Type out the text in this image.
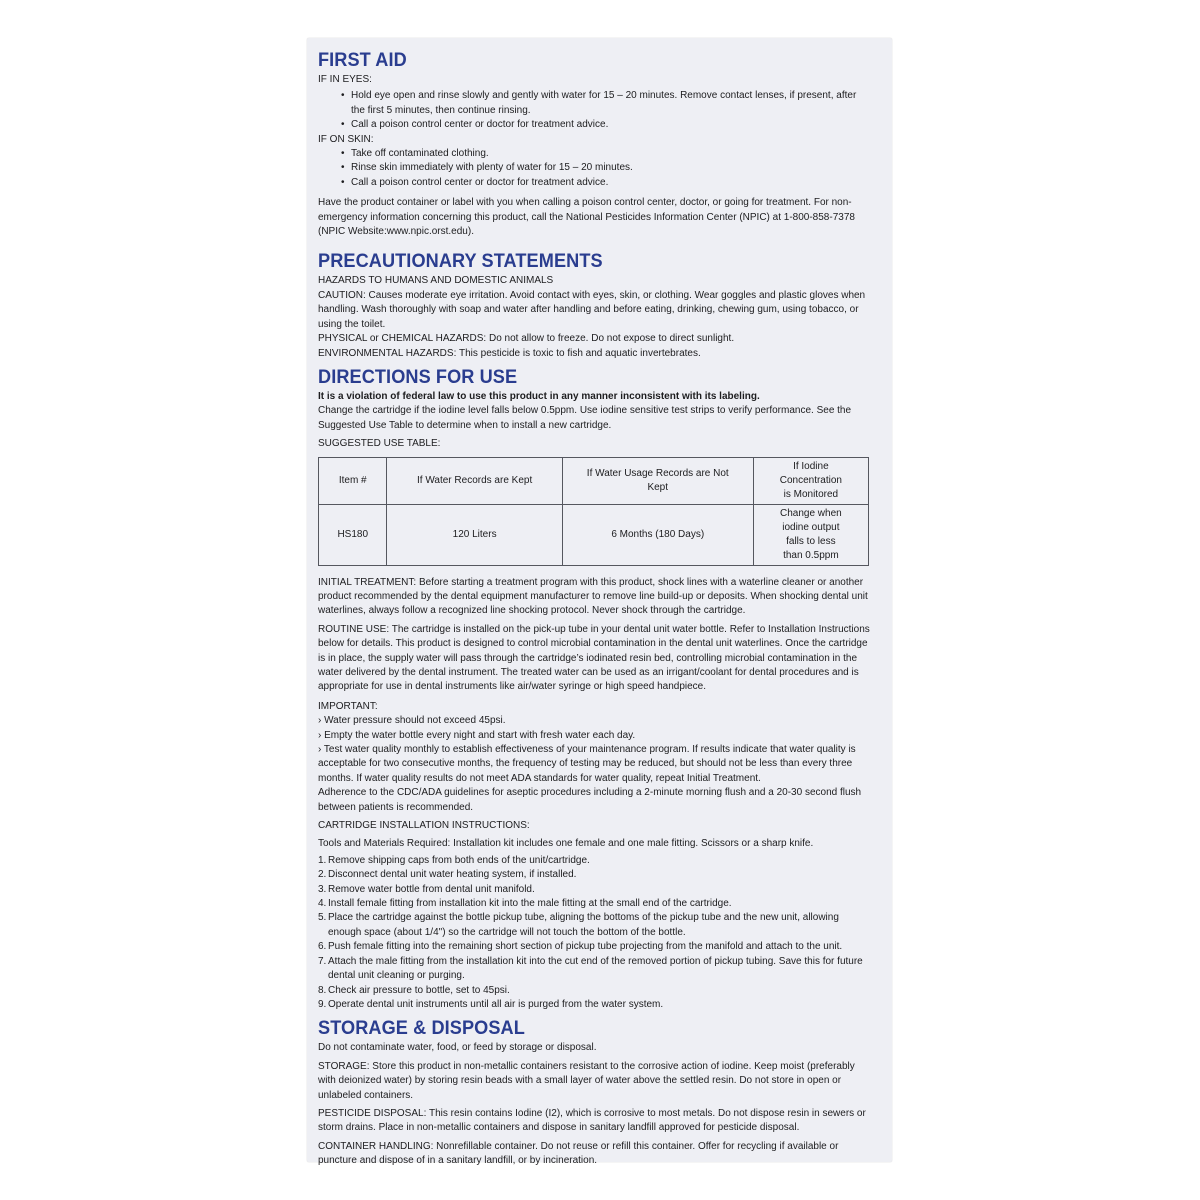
FIRST AID

IF IN EYES:

• Hold eye open and rinse slowly and gently with water for 15 – 20 minutes. Remove contact lenses, if present, after the first 5 minutes, then continue rinsing.
• Call a poison control center or doctor for treatment advice.

IF ON SKIN:

• Take off contaminated clothing.
• Rinse skin immediately with plenty of water for 15 – 20 minutes.
• Call a poison control center or doctor for treatment advice.

Have the product container or label with you when calling a poison control center, doctor, or going for treatment. For non-emergency information concerning this product, call the National Pesticides Information Center (NPIC) at 1-800-858-7378 (NPIC Website:www.npic.orst.edu).

PRECAUTIONARY STATEMENTS

HAZARDS TO HUMANS AND DOMESTIC ANIMALS

CAUTION: Causes moderate eye irritation. Avoid contact with eyes, skin, or clothing. Wear goggles and plastic gloves when handling. Wash thoroughly with soap and water after handling and before eating, drinking, chewing gum, using tobacco, or using the toilet.

PHYSICAL or CHEMICAL HAZARDS: Do not allow to freeze. Do not expose to direct sunlight.

ENVIRONMENTAL HAZARDS: This pesticide is toxic to fish and aquatic invertebrates.

DIRECTIONS FOR USE

It is a violation of federal law to use this product in any manner inconsistent with its labeling.

Change the cartridge if the iodine level falls below 0.5ppm. Use iodine sensitive test strips to verify performance. See the Suggested Use Table to determine when to install a new cartridge.

SUGGESTED USE TABLE:

Item #	If Water Records are Kept	If Water Usage Records are Not Kept	If Iodine Concentration is Monitored
HS180	120 Liters	6 Months (180 Days)	Change when iodine output falls to less than 0.5ppm

INITIAL TREATMENT: Before starting a treatment program with this product, shock lines with a waterline cleaner or another product recommended by the dental equipment manufacturer to remove line build-up or deposits. When shocking dental unit waterlines, always follow a recognized line shocking protocol. Never shock through the cartridge.

ROUTINE USE: The cartridge is installed on the pick-up tube in your dental unit water bottle. Refer to Installation Instructions below for details. This product is designed to control microbial contamination in the dental unit waterlines. Once the cartridge is in place, the supply water will pass through the cartridge’s iodinated resin bed, controlling microbial contamination in the water delivered by the dental instrument. The treated water can be used as an irrigant/coolant for dental procedures and is appropriate for use in dental instruments like air/water syringe or high speed handpiece.

IMPORTANT:

› Water pressure should not exceed 45psi.

› Empty the water bottle every night and start with fresh water each day.

› Test water quality monthly to establish effectiveness of your maintenance program. If results indicate that water quality is acceptable for two consecutive months, the frequency of testing may be reduced, but should not be less than every three months. If water quality results do not meet ADA standards for water quality, repeat Initial Treatment.

Adherence to the CDC/ADA guidelines for aseptic procedures including a 2-minute morning flush and a 20-30 second flush between patients is recommended.

CARTRIDGE INSTALLATION INSTRUCTIONS:

Tools and Materials Required: Installation kit includes one female and one male fitting. Scissors or a sharp knife.

1. Remove shipping caps from both ends of the unit/cartridge.
2. Disconnect dental unit water heating system, if installed.
3. Remove water bottle from dental unit manifold.
4. Install female fitting from installation kit into the male fitting at the small end of the cartridge.
5. Place the cartridge against the bottle pickup tube, aligning the bottoms of the pickup tube and the new unit, allowing enough space (about 1/4") so the cartridge will not touch the bottom of the bottle.
6. Push female fitting into the remaining short section of pickup tube projecting from the manifold and attach to the unit.
7. Attach the male fitting from the installation kit into the cut end of the removed portion of pickup tubing. Save this for future dental unit cleaning or purging.
8. Check air pressure to bottle, set to 45psi.
9. Operate dental unit instruments until all air is purged from the water system.
STORAGE & DISPOSAL

Do not contaminate water, food, or feed by storage or disposal.

STORAGE: Store this product in non-metallic containers resistant to the corrosive action of iodine. Keep moist (preferably with deionized water) by storing resin beads with a small layer of water above the settled resin. Do not store in open or unlabeled containers.

PESTICIDE DISPOSAL: This resin contains Iodine (I2), which is corrosive to most metals. Do not dispose resin in sewers or storm drains. Place in non-metallic containers and dispose in sanitary landfill approved for pesticide disposal.

CONTAINER HANDLING: Nonrefillable container. Do not reuse or refill this container. Offer for recycling if available or puncture and dispose of in a sanitary landfill, or by incineration.
